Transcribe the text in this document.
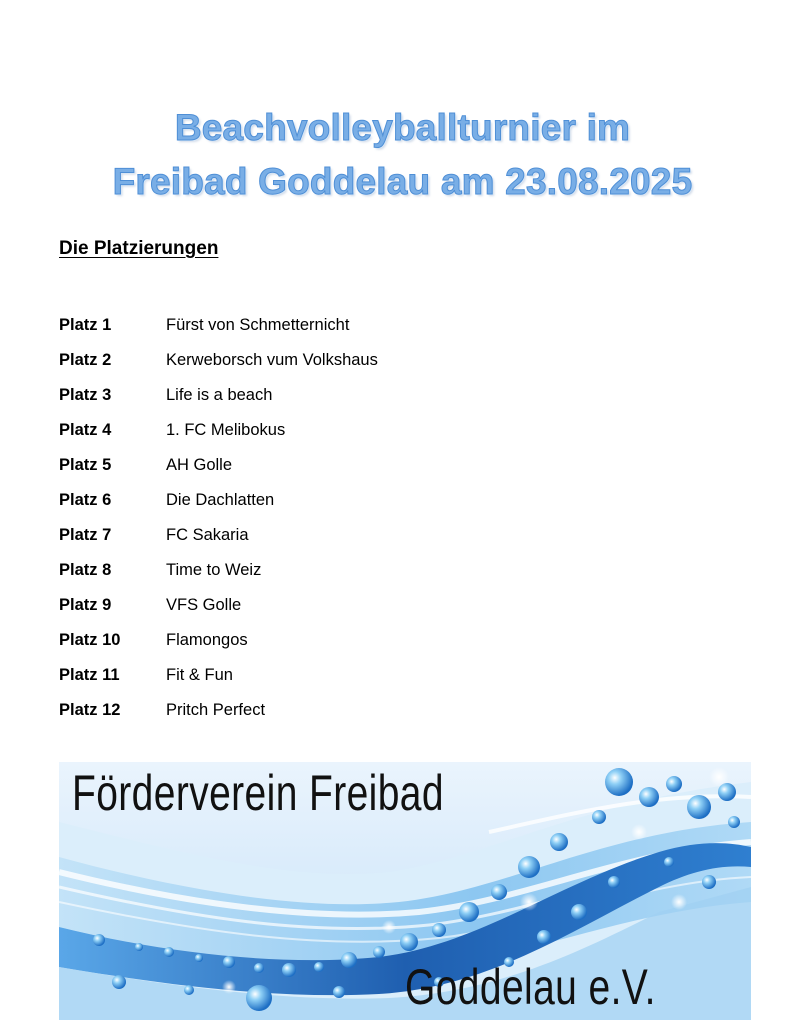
Beachvolleyballturnier im
Freibad Goddelau am 23.08.2025
Die Platzierungen
Platz 1	Fürst von Schmetternicht
Platz 2	Kerweborsch vum Volkshaus
Platz 3	Life is a beach
Platz 4	1. FC Melibokus
Platz 5	AH Golle
Platz 6	Die Dachlatten
Platz 7	FC Sakaria
Platz 8	Time to Weiz
Platz 9	VFS Golle
Platz 10	Flamongos
Platz 11	Fit & Fun
Platz 12	Pritch Perfect
Förderverein Freibad
Goddelau e.V.
